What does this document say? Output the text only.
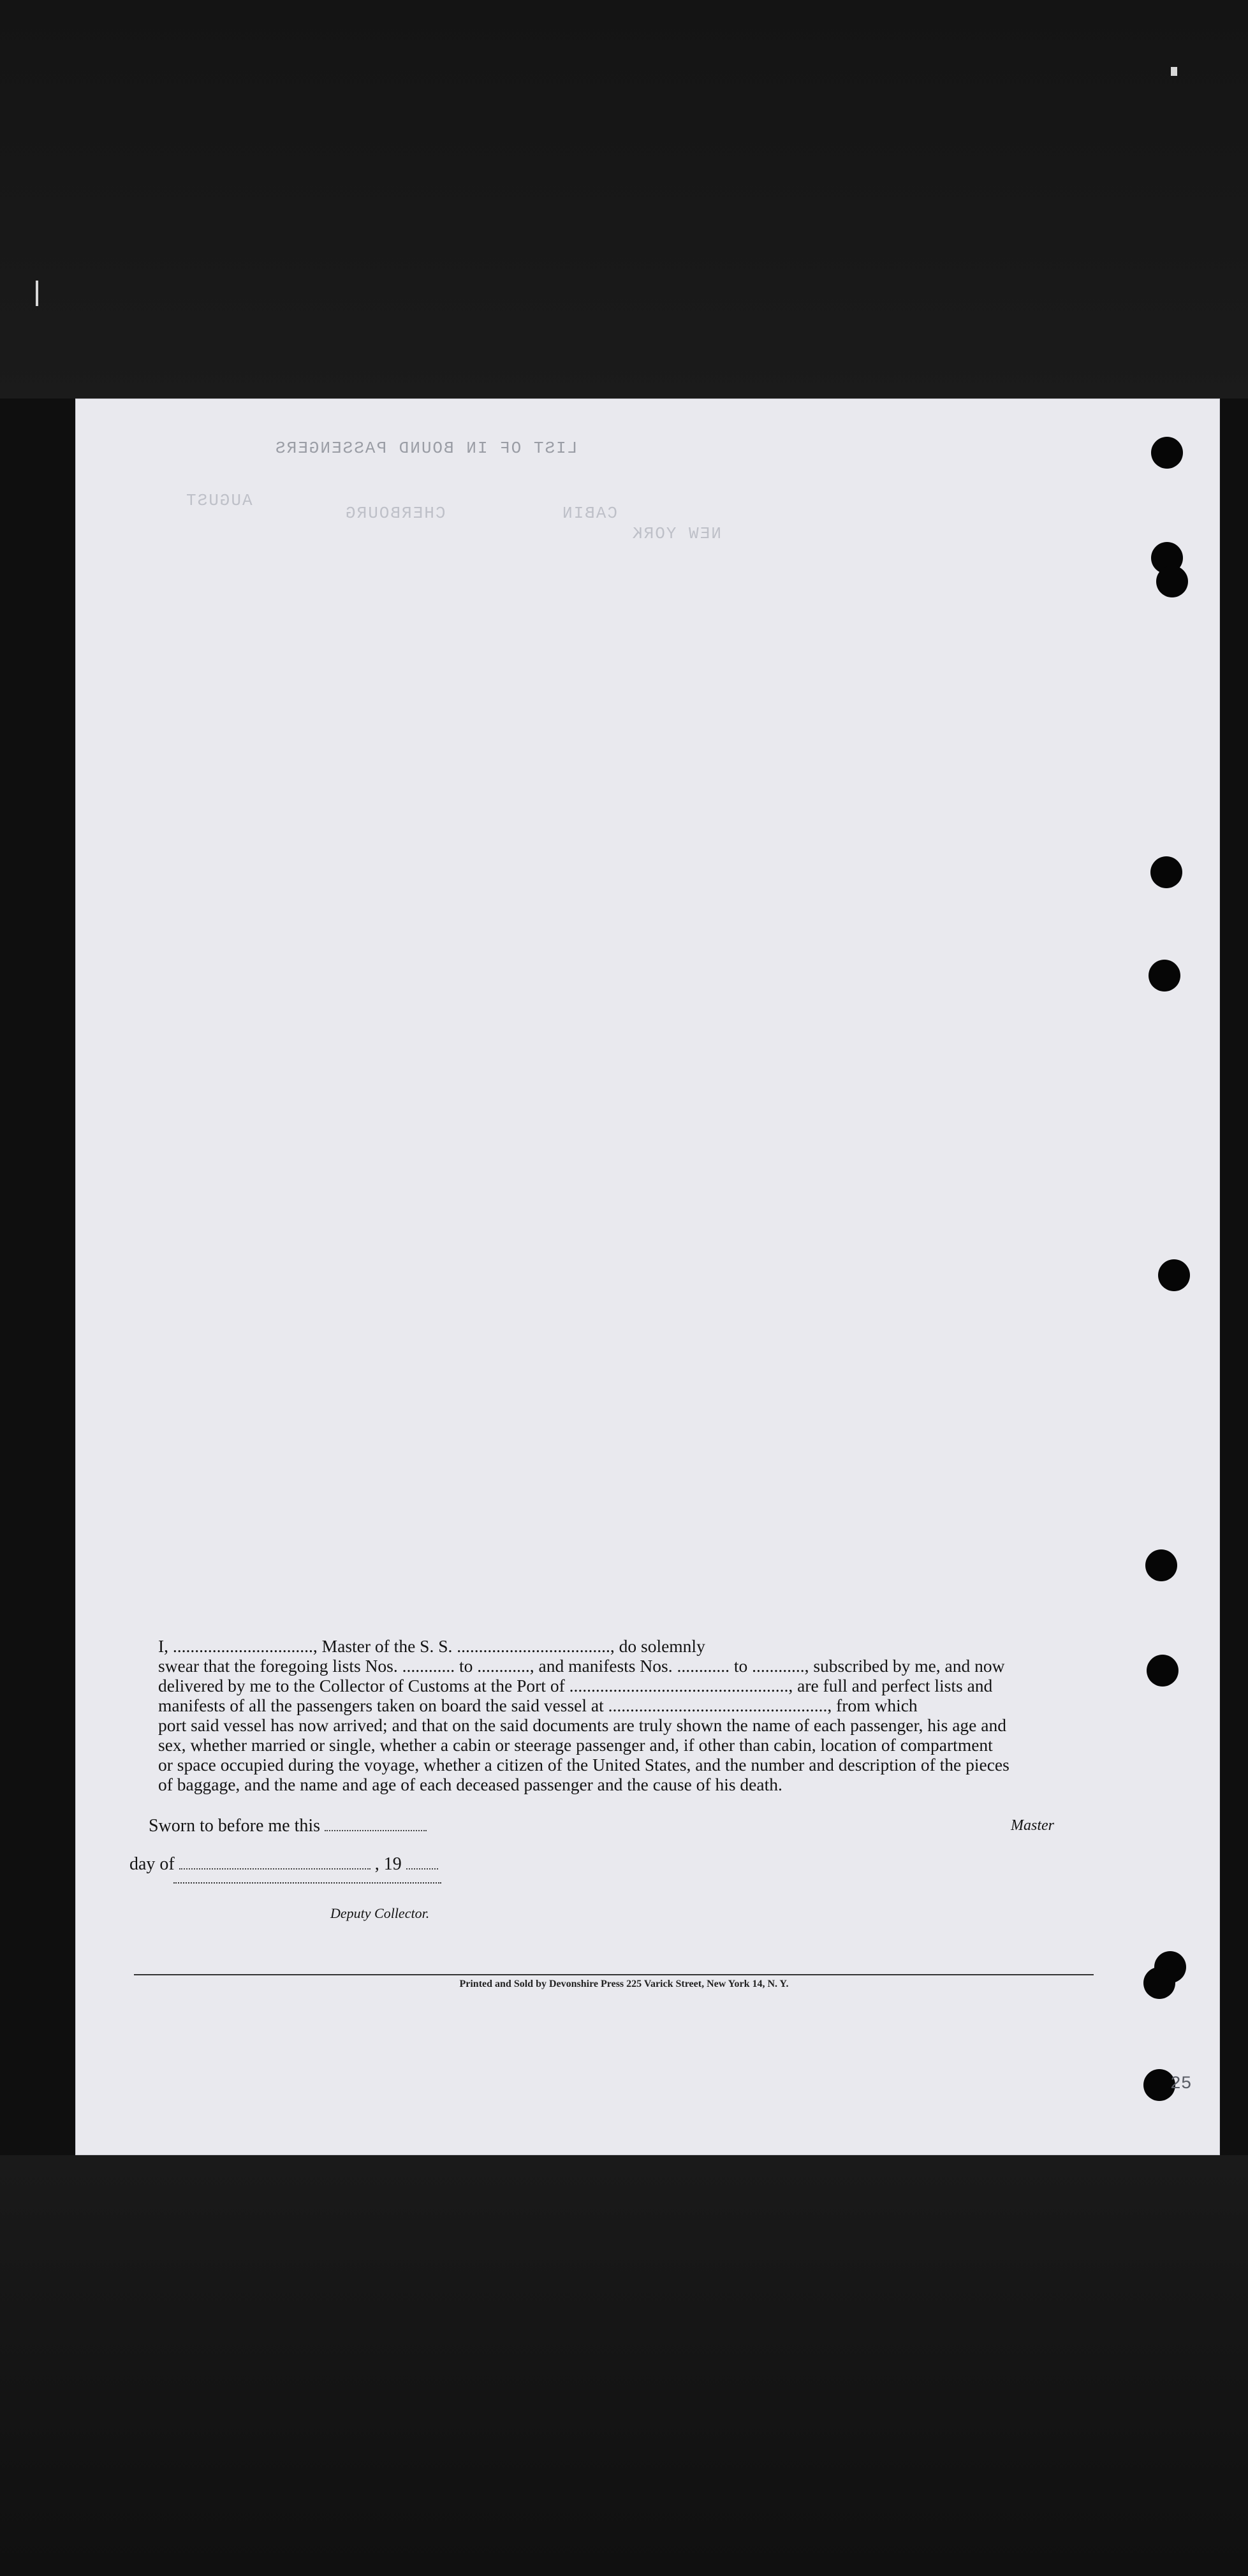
LIST OF IN BOUND PASSENGERS
CABIN
CHERBOURG
NEW YORK
AUGUST

I, ................................, Master of the S. S. ..................................., do solemnly

swear that the foregoing lists Nos. ............ to ............, and manifests Nos. ............ to ............, subscribed by me, and now

delivered by me to the Collector of Customs at the Port of .................................................., are full and perfect lists and

manifests of all the passengers taken on board the said vessel at .................................................., from which

port said vessel has now arrived; and that on the said documents are truly shown the name of each passenger, his age and

sex, whether married or single, whether a cabin or steerage passenger and, if other than cabin, location of compartment

or space occupied during the voyage, whether a citizen of the United States, and the number and description of the pieces

of baggage, and the name and age of each deceased passenger and the cause of his death.

Sworn to before me this	Master
day of	, 19
Deputy Collector.
Printed and Sold by Devonshire Press 225 Varick Street, New York 14, N. Y.
25
